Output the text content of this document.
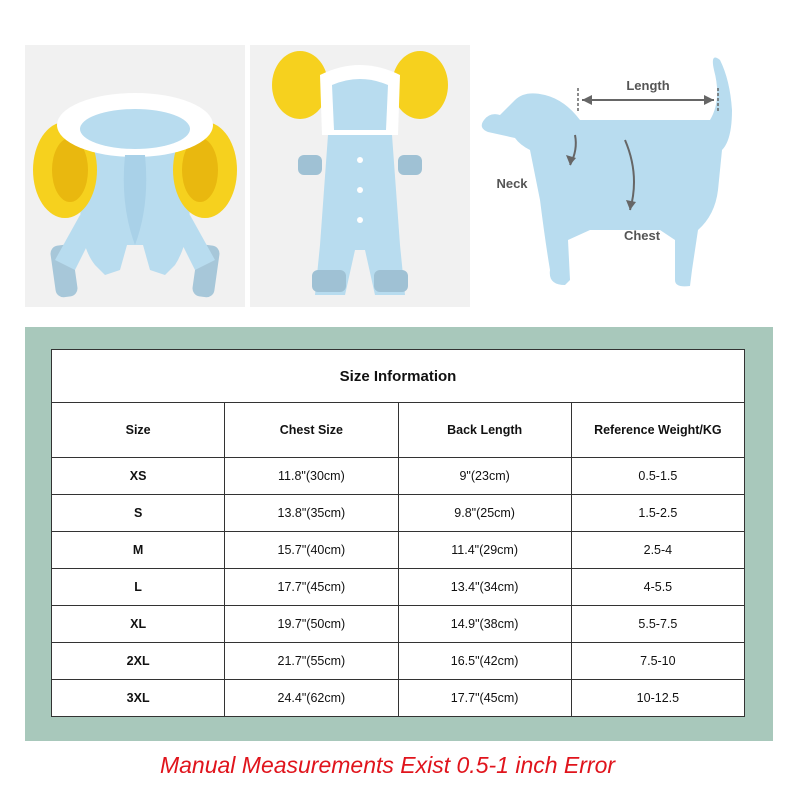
Length
Neck
Chest
Size Information			
Size	Chest Size	Back Length	Reference Weight/KG
XS	11.8"(30cm)	9"(23cm)	0.5-1.5
S	13.8"(35cm)	9.8"(25cm)	1.5-2.5
M	15.7"(40cm)	11.4"(29cm)	2.5-4
L	17.7"(45cm)	13.4"(34cm)	4-5.5
XL	19.7"(50cm)	14.9"(38cm)	5.5-7.5
2XL	21.7"(55cm)	16.5"(42cm)	7.5-10
3XL	24.4"(62cm)	17.7"(45cm)	10-12.5
Manual Measurements Exist 0.5-1 inch Error
